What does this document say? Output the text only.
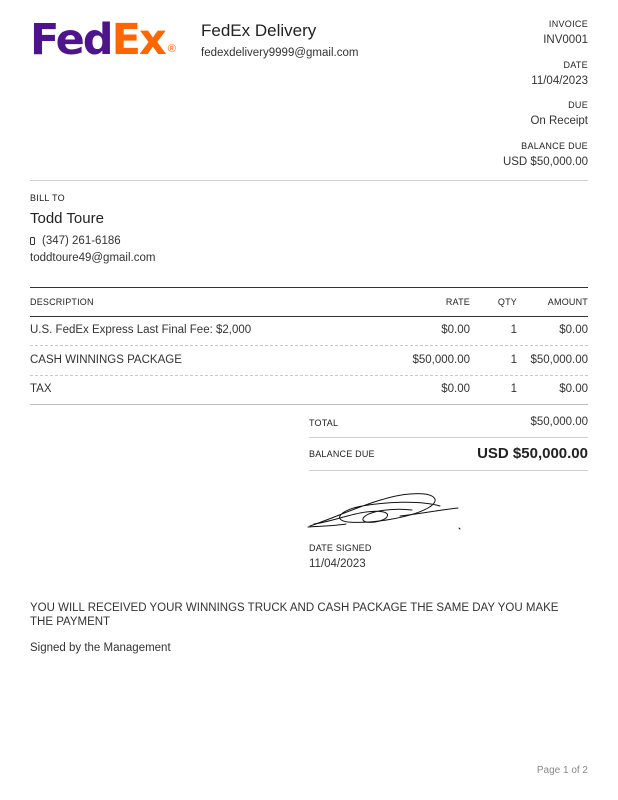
FedEx ®
FedEx Delivery
fedexdelivery9999@gmail.com
INVOICE
INV0001
DATE
11/04/2023
DUE
On Receipt
BALANCE DUE
USD $50,000.00
BILL TO
Todd Toure
(347) 261-6186
toddtoure49@gmail.com
DESCRIPTION	RATE	QTY	AMOUNT
U.S. FedEx Express Last Final Fee: $2,000	$0.00	1	$0.00
CASH WINNINGS PACKAGE	$50,000.00	1 $50,000.00
TAX	$0.00	1	$0.00
TOTAL	$50,000.00
BALANCE DUE	USD $50,000.00
DATE SIGNED
11/04/2023
YOU WILL RECEIVED YOUR WINNINGS TRUCK AND CASH PACKAGE THE SAME DAY YOU MAKE THE PAYMENT
Signed by the Management
Page 1 of 2
